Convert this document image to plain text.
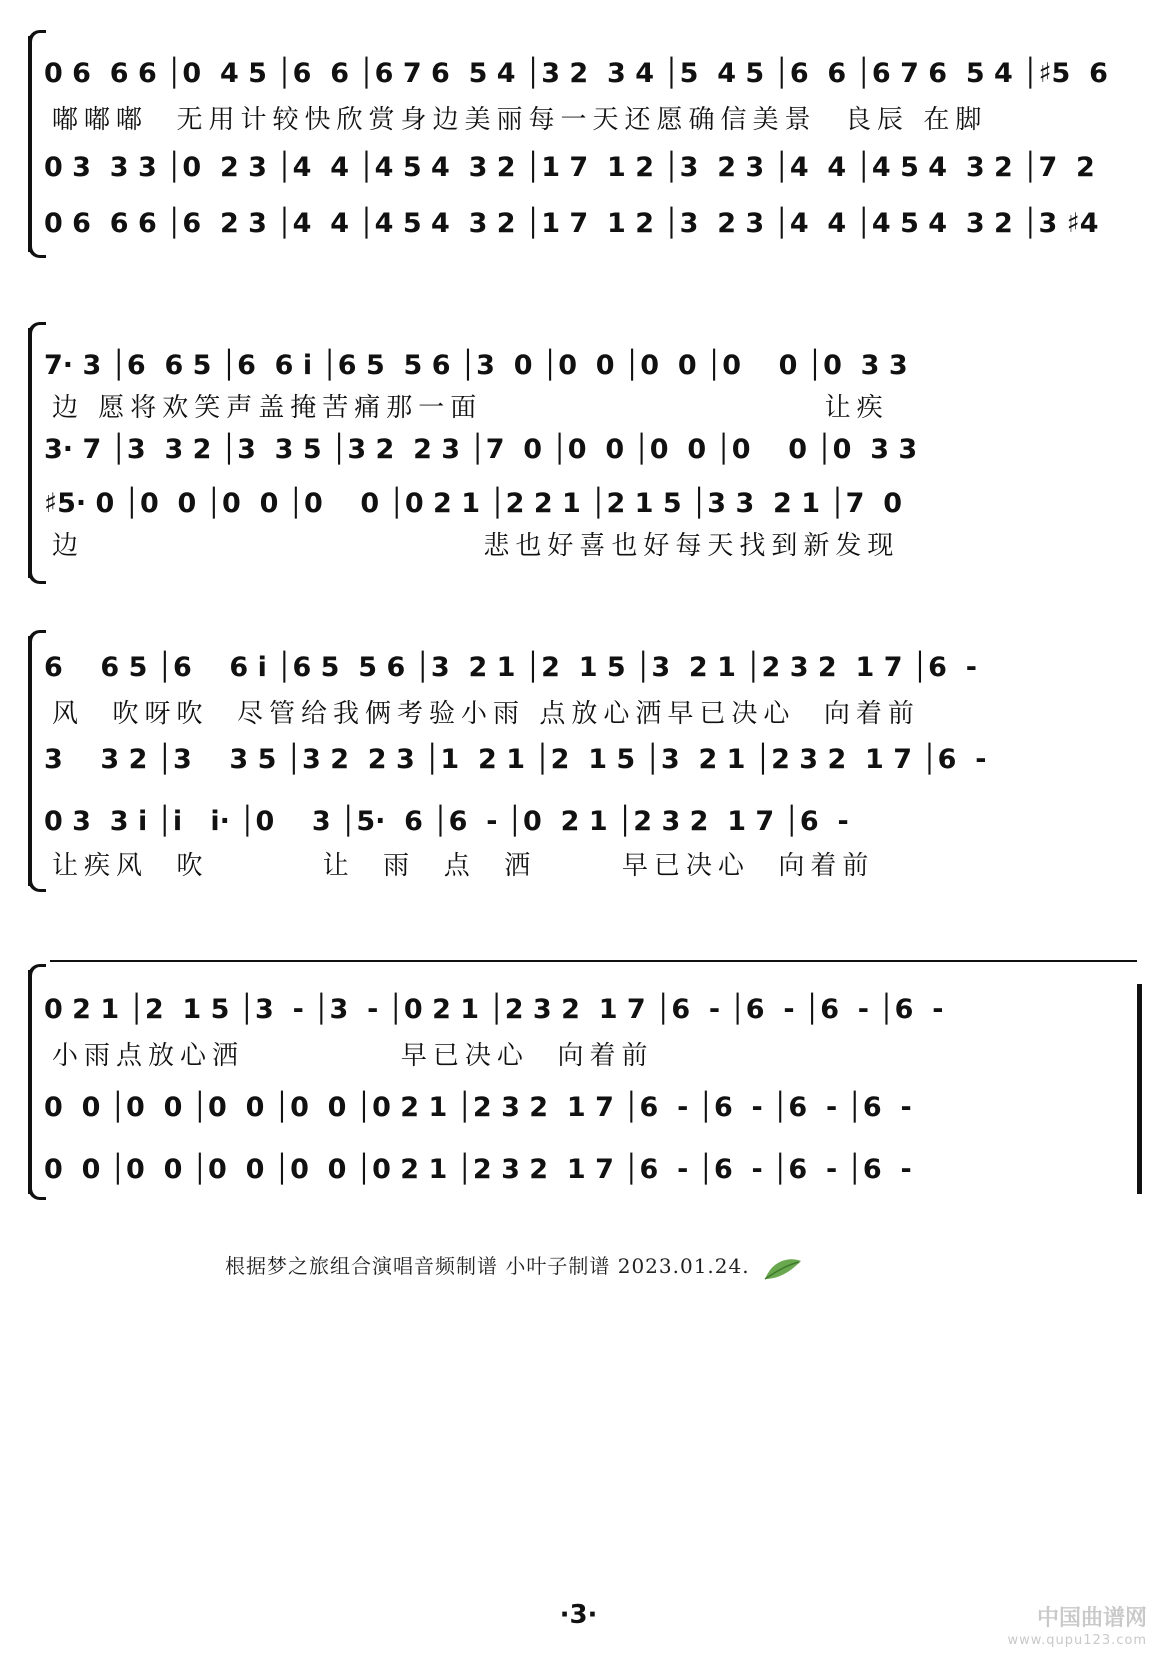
0 6  6 6 │0  4 5 │6  6 │6 7 6  5 4 │3 2  3 4 │5  4 5 │6  6 │6 7 6  5 4 │♯5  6
嘟嘟嘟  无用计较快欣赏身边美丽每一天还愿确信美景  良辰 在脚
0 3  3 3 │0  2 3 │4  4 │4 5 4  3 2 │1 7  1 2 │3  2 3 │4  4 │4 5 4  3 2 │7  2
0 6  6 6 │6  2 3 │4  4 │4 5 4  3 2 │1 7  1 2 │3  2 3 │4  4 │4 5 4  3 2 │3 ♯4
7· 3 │6  6 5 │6  6 i │6 5  5 6 │3  0 │0  0 │0  0 │0    0 │0  3 3
边 愿将欢笑声盖掩苦痛那一面                        让疾
3· 7 │3  3 2 │3  3 5 │3 2  2 3 │7  0 │0  0 │0  0 │0    0 │0  3 3
♯5· 0 │0  0 │0  0 │0    0 │0 2 1 │2 2 1 │2 1 5 │3 3  2 1 │7  0
边                            悲也好喜也好每天找到新发现
6    6 5 │6    6 i │6 5  5 6 │3  2 1 │2  1 5 │3  2 1 │2 3 2  1 7 │6  -
风  吹呀吹  尽管给我俩考验小雨 点放心洒早已决心  向着前
3    3 2 │3    3 5 │3 2  2 3 │1  2 1 │2  1 5 │3  2 1 │2 3 2  1 7 │6  -
0 3  3 i │i   i· │0    3 │5·  6 │6  - │0  2 1 │2 3 2  1 7 │6  -
让疾风  吹        让  雨  点  洒      早已决心  向着前
0 2 1 │2  1 5 │3  - │3  - │0 2 1 │2 3 2  1 7 │6  - │6  - │6  - │6  -
小雨点放心洒           早已决心  向着前
0  0 │0  0 │0  0 │0  0 │0 2 1 │2 3 2  1 7 │6  - │6  - │6  - │6  -
0  0 │0  0 │0  0 │0  0 │0 2 1 │2 3 2  1 7 │6  - │6  - │6  - │6  -
根据梦之旅组合演唱音频制谱 小叶子制谱 2023.01.24.
·3·	中国曲谱网
www.qupu123.com
